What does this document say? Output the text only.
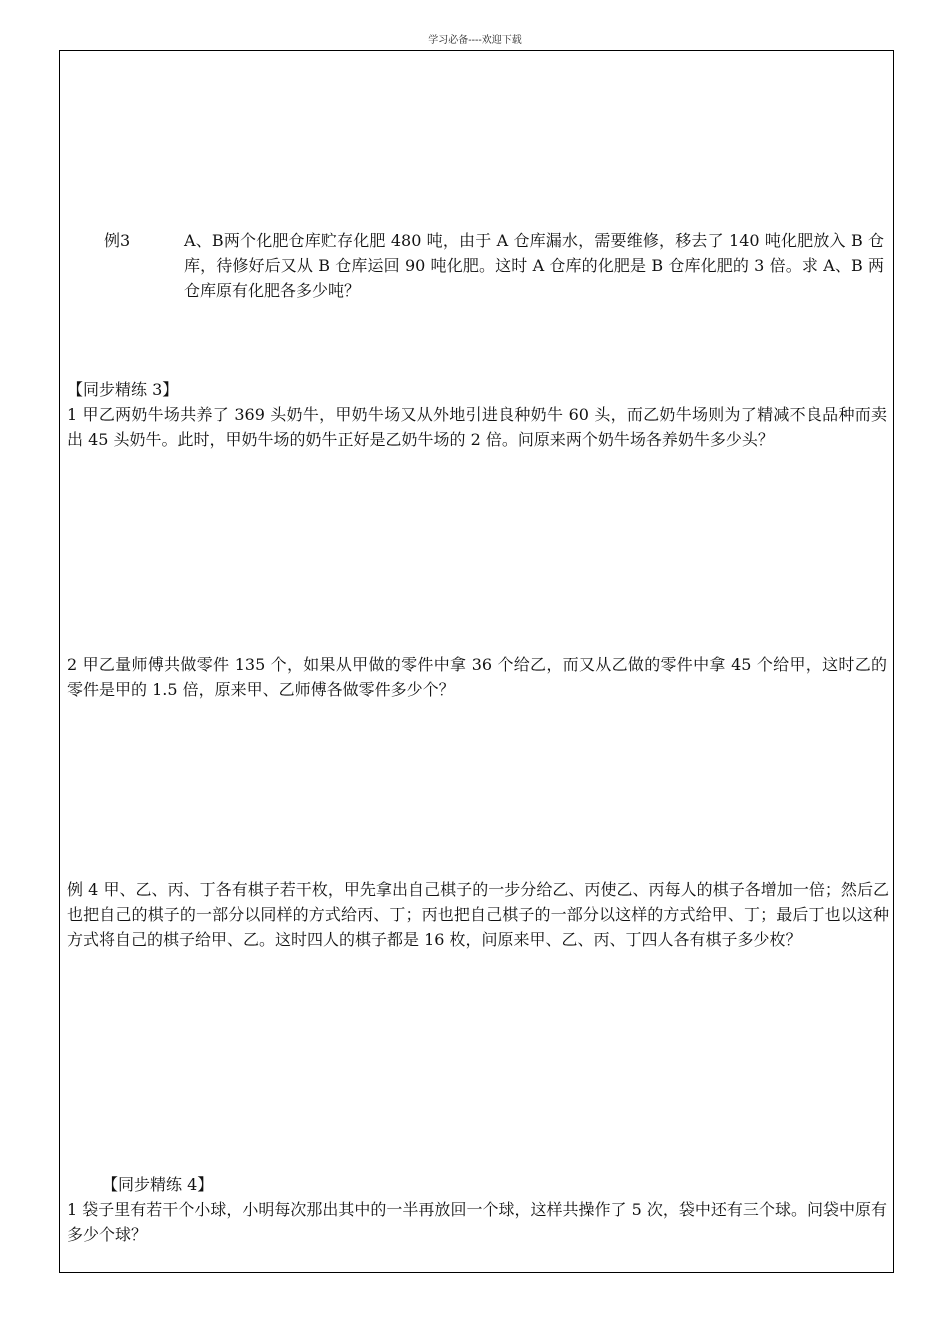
学习必备----欢迎下载
例3	A、B两个化肥仓库贮存化肥 480 吨，由于 A 仓库漏水，需要维修，移去了 140 吨化肥放入 B 仓库，待修好后又从 B 仓库运回 90 吨化肥。这时 A 仓库的化肥是 B 仓库化肥的 3 倍。求 A、B 两仓库原有化肥各多少吨？
【同步精练 3】
1 甲乙两奶牛场共养了 369 头奶牛，甲奶牛场又从外地引进良种奶牛 60 头，而乙奶牛场则为了精减不良品种而卖出 45 头奶牛。此时，甲奶牛场的奶牛正好是乙奶牛场的 2 倍。问原来两个奶牛场各养奶牛多少头？
2 甲乙量师傅共做零件 135 个，如果从甲做的零件中拿 36 个给乙，而又从乙做的零件中拿 45 个给甲，这时乙的零件是甲的 1.5 倍，原来甲、乙师傅各做零件多少个？
例 4 甲、乙、丙、丁各有棋子若干枚，甲先拿出自己棋子的一步分给乙、丙使乙、丙每人的棋子各增加一倍；然后乙也把自己的棋子的一部分以同样的方式给丙、丁；丙也把自己棋子的一部分以这样的方式给甲、丁；最后丁也以这种方式将自己的棋子给甲、乙。这时四人的棋子都是 16 枚，问原来甲、乙、丙、丁四人各有棋子多少枚？
【同步精练 4】
1 袋子里有若干个小球，小明每次那出其中的一半再放回一个球，这样共操作了 5 次，袋中还有三个球。问袋中原有多少个球？
